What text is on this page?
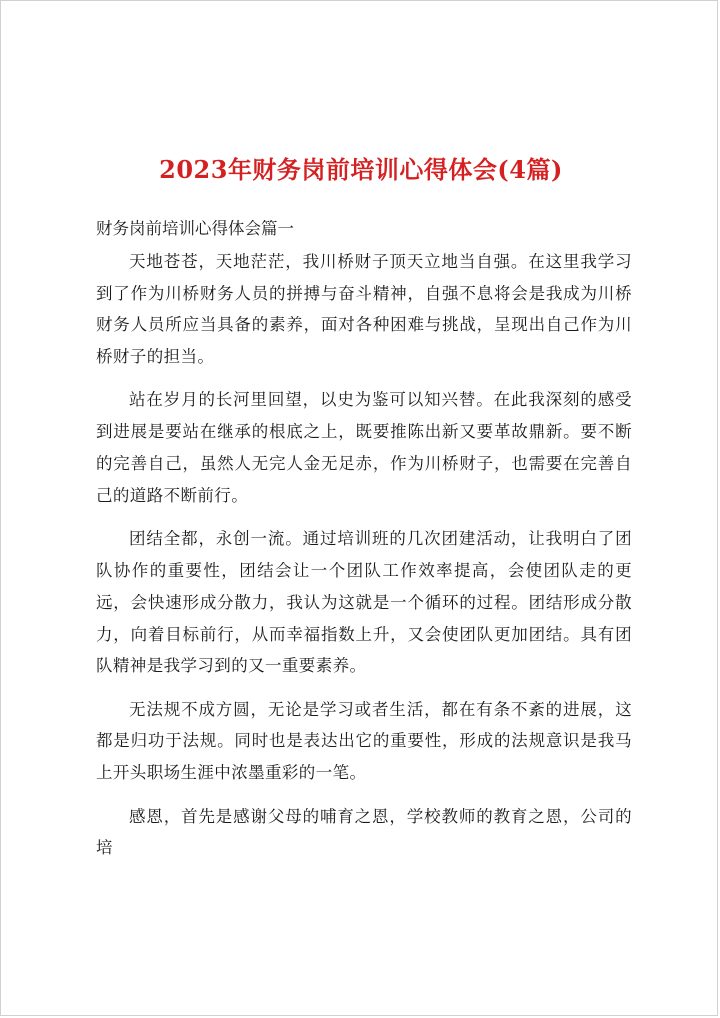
2023年财务岗前培训心得体会(4篇)

财务岗前培训心得体会篇一

天地苍苍，天地茫茫，我川桥财子顶天立地当自强。在这里我学习到了作为川桥财务人员的拼搏与奋斗精神，自强不息将会是我成为川桥财务人员所应当具备的素养，面对各种困难与挑战，呈现出自己作为川桥财子的担当。

站在岁月的长河里回望，以史为鉴可以知兴替。在此我深刻的感受到进展是要站在继承的根底之上，既要推陈出新又要革故鼎新。要不断的完善自己，虽然人无完人金无足赤，作为川桥财子，也需要在完善自己的道路不断前行。

团结全都，永创一流。通过培训班的几次团建活动，让我明白了团队协作的重要性，团结会让一个团队工作效率提高，会使团队走的更远，会快速形成分散力，我认为这就是一个循环的过程。团结形成分散力，向着目标前行，从而幸福指数上升，又会使团队更加团结。具有团队精神是我学习到的又一重要素养。

无法规不成方圆，无论是学习或者生活，都在有条不紊的进展，这都是归功于法规。同时也是表达出它的重要性，形成的法规意识是我马上开头职场生涯中浓墨重彩的一笔。

感恩，首先是感谢父母的哺育之恩，学校教师的教育之恩，公司的培
